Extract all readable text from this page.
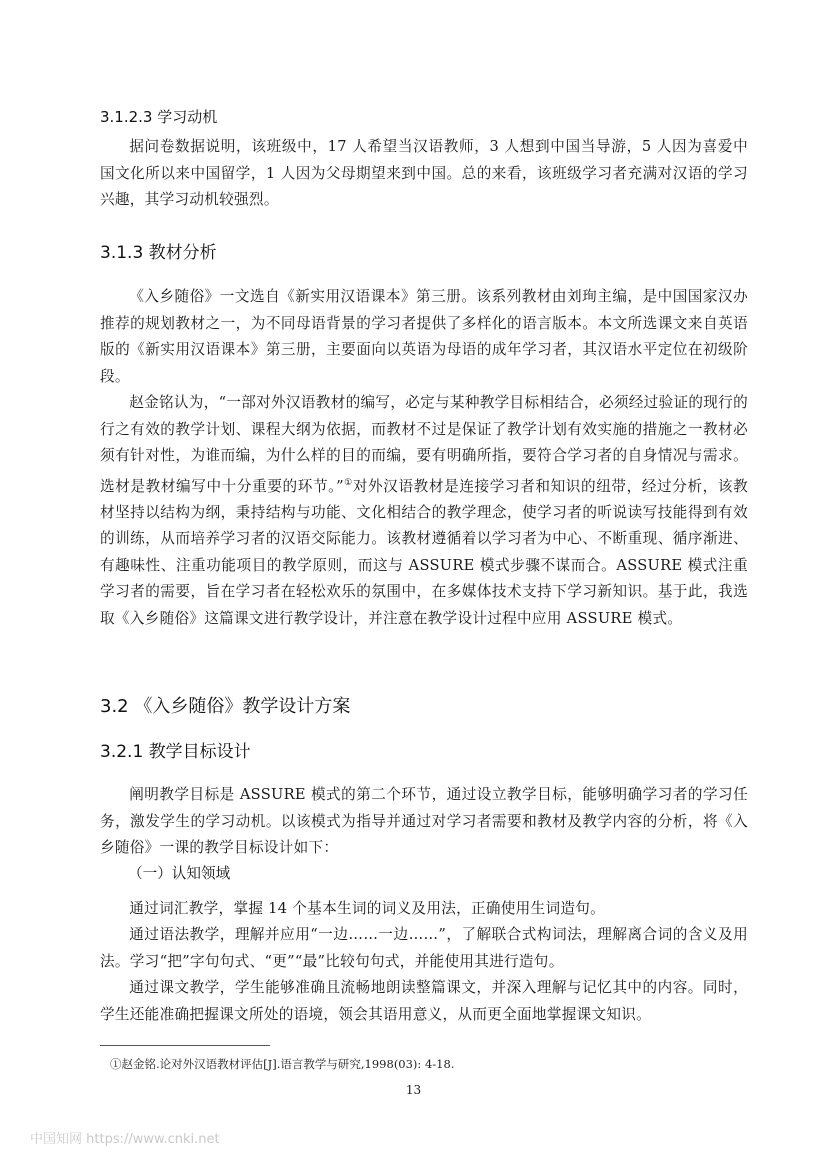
3.1.2.3 学习动机

据问卷数据说明，该班级中，17 人希望当汉语教师，3 人想到中国当导游，5 人因为喜爱中国文化所以来中国留学，1 人因为父母期望来到中国。总的来看，该班级学习者充满对汉语的学习兴趣，其学习动机较强烈。

3.1.3 教材分析

《入乡随俗》一文选自《新实用汉语课本》第三册。该系列教材由刘珣主编，是中国国家汉办推荐的规划教材之一，为不同母语背景的学习者提供了多样化的语言版本。本文所选课文来自英语版的《新实用汉语课本》第三册，主要面向以英语为母语的成年学习者，其汉语水平定位在初级阶段。

赵金铭认为，“一部对外汉语教材的编写，必定与某种教学目标相结合，必须经过验证的现行的行之有效的教学计划、课程大纲为依据，而教材不过是保证了教学计划有效实施的措施之一教材必须有针对性，为谁而编，为什么样的目的而编，要有明确所指，要符合学习者的自身情况与需求。选材是教材编写中十分重要的环节。”①对外汉语教材是连接学习者和知识的纽带，经过分析，该教材坚持以结构为纲，秉持结构与功能、文化相结合的教学理念，使学习者的听说读写技能得到有效的训练，从而培养学习者的汉语交际能力。该教材遵循着以学习者为中心、不断重现、循序渐进、有趣味性、注重功能项目的教学原则，而这与 ASSURE 模式步骤不谋而合。ASSURE 模式注重学习者的需要，旨在学习者在轻松欢乐的氛围中，在多媒体技术支持下学习新知识。基于此，我选取《入乡随俗》这篇课文进行教学设计，并注意在教学设计过程中应用 ASSURE 模式。

3.2 《入乡随俗》教学设计方案
3.2.1 教学目标设计

阐明教学目标是 ASSURE 模式的第二个环节，通过设立教学目标，能够明确学习者的学习任务，激发学生的学习动机。以该模式为指导并通过对学习者需要和教材及教学内容的分析，将《入乡随俗》一课的教学目标设计如下：

（一）认知领域

通过词汇教学，掌握 14 个基本生词的词义及用法，正确使用生词造句。

通过语法教学，理解并应用“一边……一边……”，了解联合式构词法，理解离合词的含义及用法。学习“把”字句句式、“更”“最”比较句句式，并能使用其进行造句。

通过课文教学，学生能够准确且流畅地朗读整篇课文，并深入理解与记忆其中的内容。同时，学生还能准确把握课文所处的语境，领会其语用意义，从而更全面地掌握课文知识。

①赵金铭.论对外汉语教材评估[J].语言教学与研究,1998(03): 4-18.
13
中国知网 https://www.cnki.net
